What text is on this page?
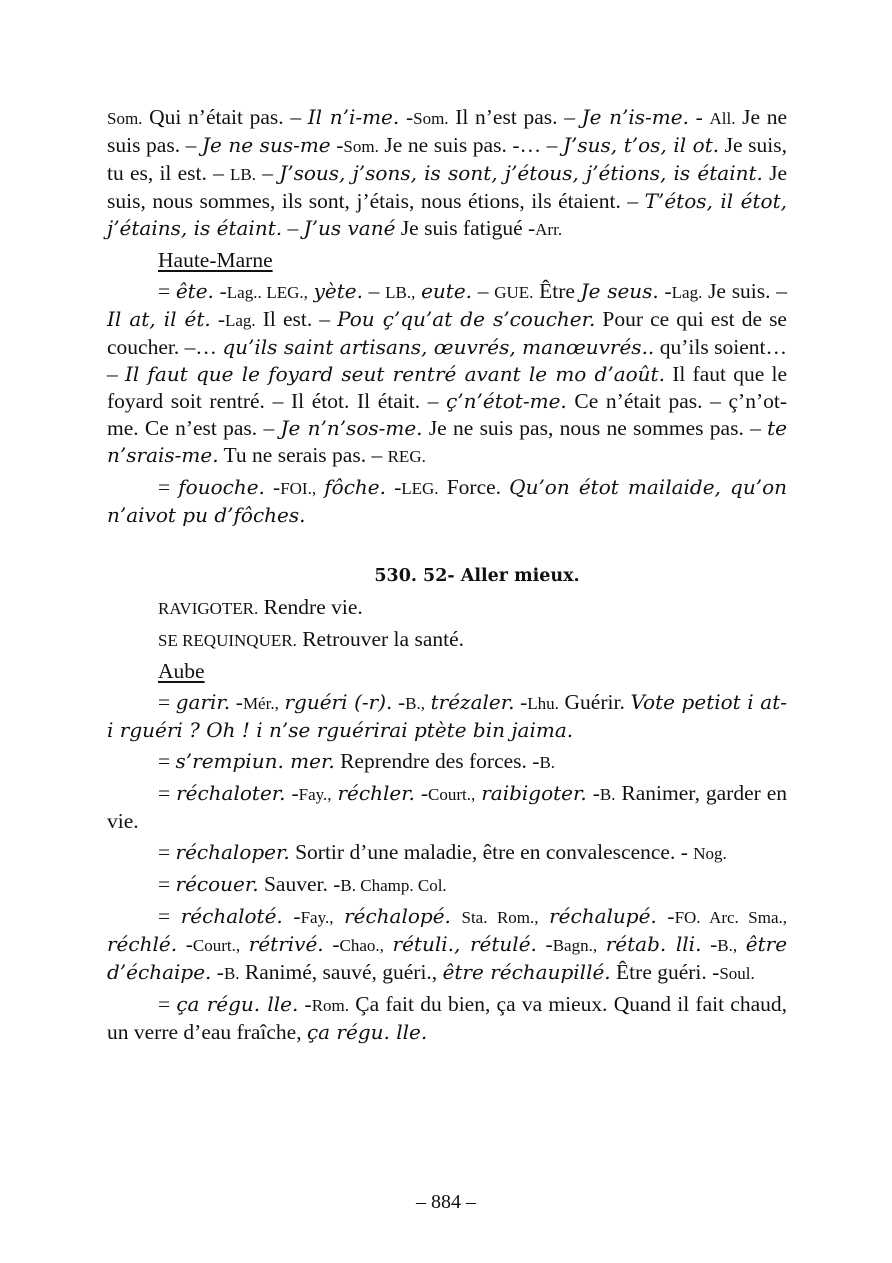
Som. Qui n’était pas. – Il n’i-me. -Som. Il n’est pas. – Je n’is-me. - All. Je ne suis pas. – Je ne sus-me -Som. Je ne suis pas. -… – J’sus, t’os, il ot. Je suis, tu es, il est. – LB. – J’sous, j’sons, is sont, j’étous, j’étions, is étaint. Je suis, nous sommes, ils sont, j’étais, nous étions, ils étaient. – T’étos, il étot, j’étains, is étaint. – J’us vané Je suis fatigué -Arr.

Haute-Marne

= ête. -Lag.. LEG., yète. – LB., eute. – GUE. Être Je seus. -Lag. Je suis. – Il at, il ét. -Lag. Il est. – Pou ç’qu’at de s’coucher. Pour ce qui est de se coucher. –… qu’ils saint artisans, œuvrés, manœuvrés.. qu’ils soient… – Il faut que le foyard seut rentré avant le mo d’août. Il faut que le foyard soit rentré. – Il étot. Il était. – ç’n’étot-me. Ce n’était pas. – ç’n’ot-me. Ce n’est pas. – Je n’n’sos-me. Je ne suis pas, nous ne sommes pas. – te n’srais-me. Tu ne serais pas. – REG.

= fouoche. -FOI., fôche. -LEG. Force. Qu’on étot mailaide, qu’on n’aivot pu d’fôches.

530. 52- Aller mieux.

RAVIGOTER. Rendre vie.

SE REQUINQUER. Retrouver la santé.

Aube

= garir. -Mér., rguéri (-r). -B., trézaler. -Lhu. Guérir. Vote petiot i at-i rguéri ? Oh ! i n’se rguérirai ptète bin jaima.

= s’rempiun. mer. Reprendre des forces. -B.

= réchaloter. -Fay., réchler. -Court., raibigoter. -B. Ranimer, garder en vie.

= réchaloper. Sortir d’une maladie, être en convalescence. - Nog.

= récouer. Sauver. -B. Champ. Col.

= réchaloté. -Fay., réchalopé. Sta. Rom., réchalupé. -FO. Arc. Sma., réchlé. -Court., rétrivé. -Chao., rétuli., rétulé. -Bagn., rétab. lli. -B., être d’échaipe. -B. Ranimé, sauvé, guéri., être réchaupillé. Être guéri. -Soul.

= ça régu. lle. -Rom. Ça fait du bien, ça va mieux. Quand il fait chaud, un verre d’eau fraîche, ça régu. lle.

– 884 –
